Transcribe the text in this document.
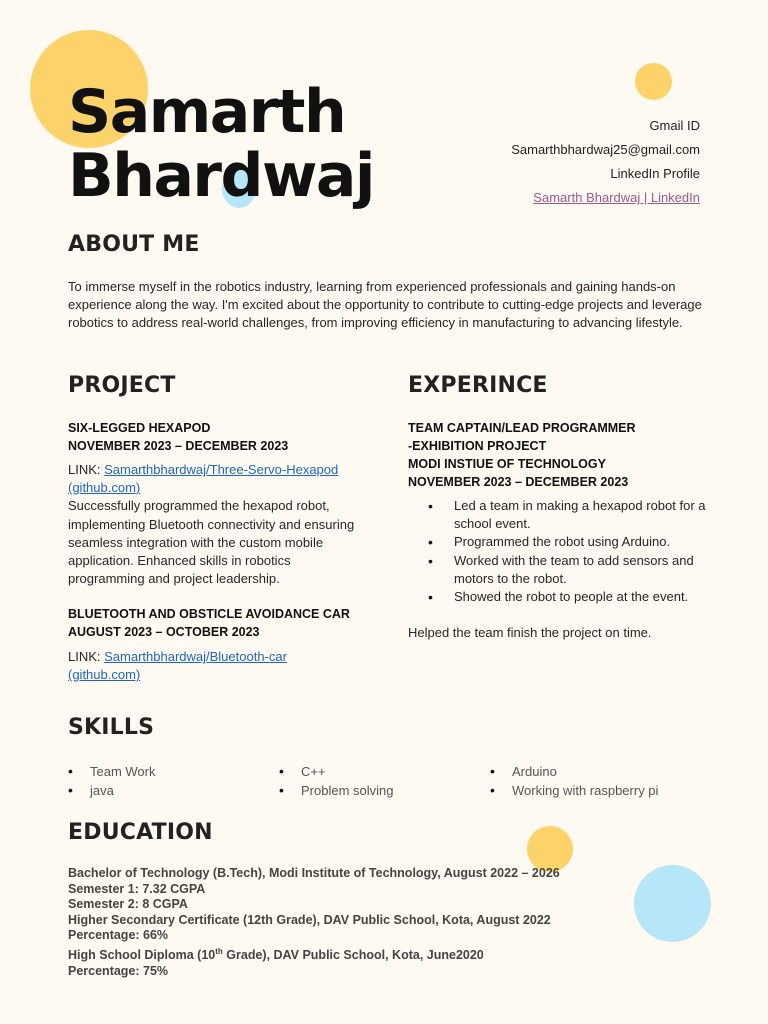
Samarth
Bhardwaj
Gmail ID
Samarthbhardwaj25@gmail.com
LinkedIn Profile
Samarth Bhardwaj | LinkedIn
ABOUT ME

To immerse myself in the robotics industry, learning from experienced professionals and gaining hands-on experience along the way. I'm excited about the opportunity to contribute to cutting-edge projects and leverage robotics to address real-world challenges, from improving efficiency in manufacturing to advancing lifestyle.

PROJECT
SIX-LEGGED HEXAPOD
NOVEMBER 2023 – DECEMBER 2023

LINK: Samarthbhardwaj/Three-Servo-Hexapod (github.com)
Successfully programmed the hexapod robot, implementing Bluetooth connectivity and ensuring seamless integration with the custom mobile application. Enhanced skills in robotics programming and project leadership.

BLUETOOTH AND OBSTICLE AVOIDANCE CAR
AUGUST 2023 – OCTOBER 2023

LINK: Samarthbhardwaj/Bluetooth-car (github.com)

EXPERINCE
TEAM CAPTAIN/LEAD PROGRAMMER
-EXHIBITION PROJECT
MODI INSTIUE OF TECHNOLOGY
NOVEMBER 2023 – DECEMBER 2023
• Led a team in making a hexapod robot for a school event.
• Programmed the robot using Arduino.
• Worked with the team to add sensors and motors to the robot.
• Showed the robot to people at the event.

Helped the team finish the project on time.

SKILLS
• Team Work
• java
• C++
• Problem solving
• Arduino
• Working with raspberry pi
EDUCATION
Bachelor of Technology (B.Tech), Modi Institute of Technology, August 2022 – 2026
Semester 1: 7.32 CGPA
Semester 2: 8 CGPA
Higher Secondary Certificate (12th Grade), DAV Public School, Kota, August 2022
Percentage: 66%
High School Diploma (10th Grade), DAV Public School, Kota, June2020
Percentage: 75%
